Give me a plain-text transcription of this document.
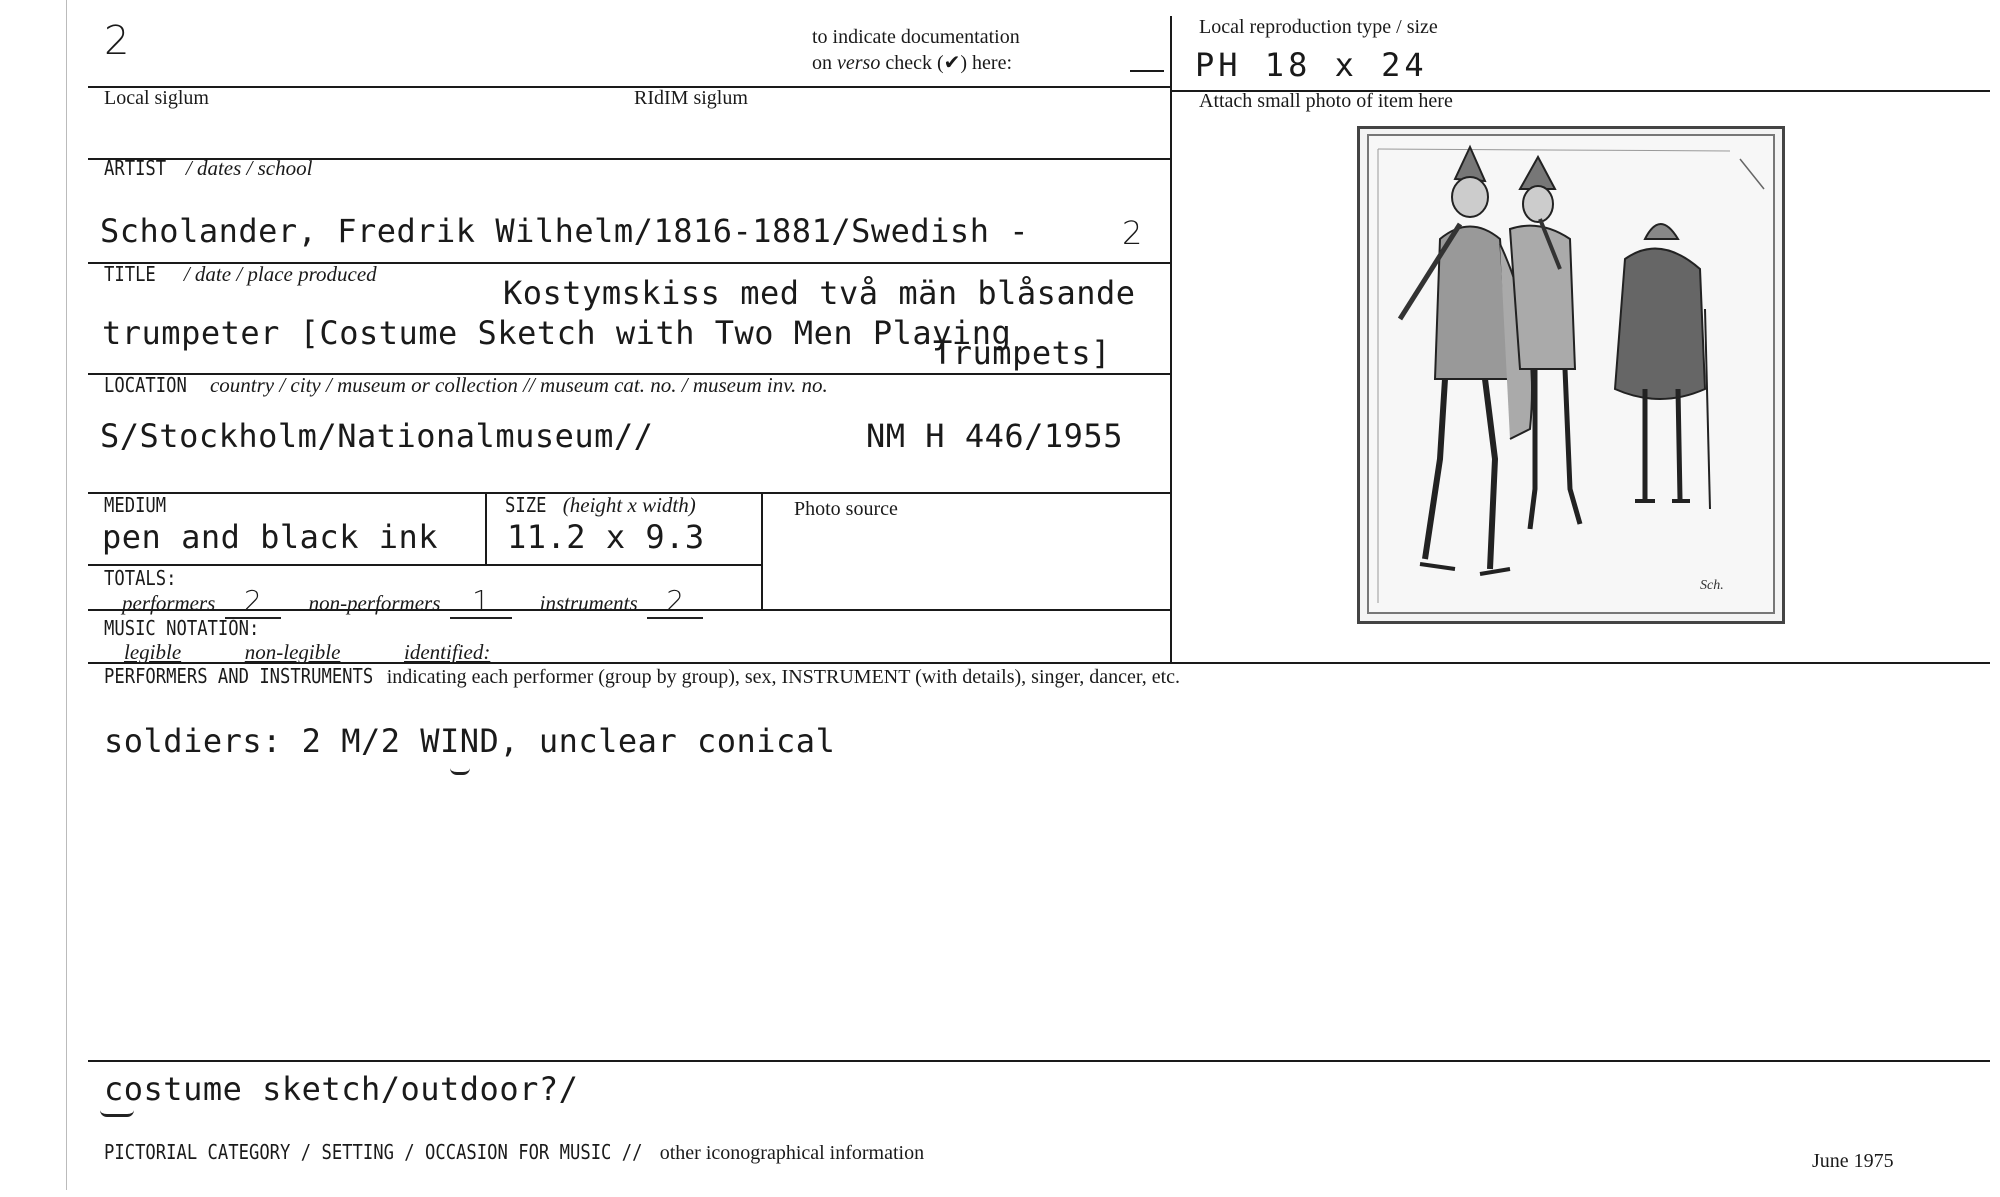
2	to indicate documentation
on verso check (✔) here:
Local reproduction type / size
PH 18 x 24
Local siglum	RIdIM siglum	Attach small photo of item here
Sch.
ARTIST / dates / school
Scholander, Fredrik Wilhelm/1816-1881/Swedish -	2
TITLE / date / place produced	Kostymskiss med två män blåsande
trumpeter [Costume Sketch with Two Men Playing
Trumpets]
LOCATION country / city / museum or collection // museum cat. no. / museum inv. no.
S/Stockholm/Nationalmuseum//	NM H 446/1955
MEDIUM
pen and black ink
SIZE (height x width)
11.2 x 9.3
Photo source
TOTALS:
performers 2 non-performers 1 instruments 2
MUSIC NOTATION:
legible	non-legible	identified:
PERFORMERS AND INSTRUMENTS indicating each performer (group by group), sex, INSTRUMENT (with details), singer, dancer, etc.
soldiers: 2 M/2 WIND, unclear conical
costume sketch/outdoor?/
PICTORIAL CATEGORY / SETTING / OCCASION FOR MUSIC // other iconographical information	June 1975
